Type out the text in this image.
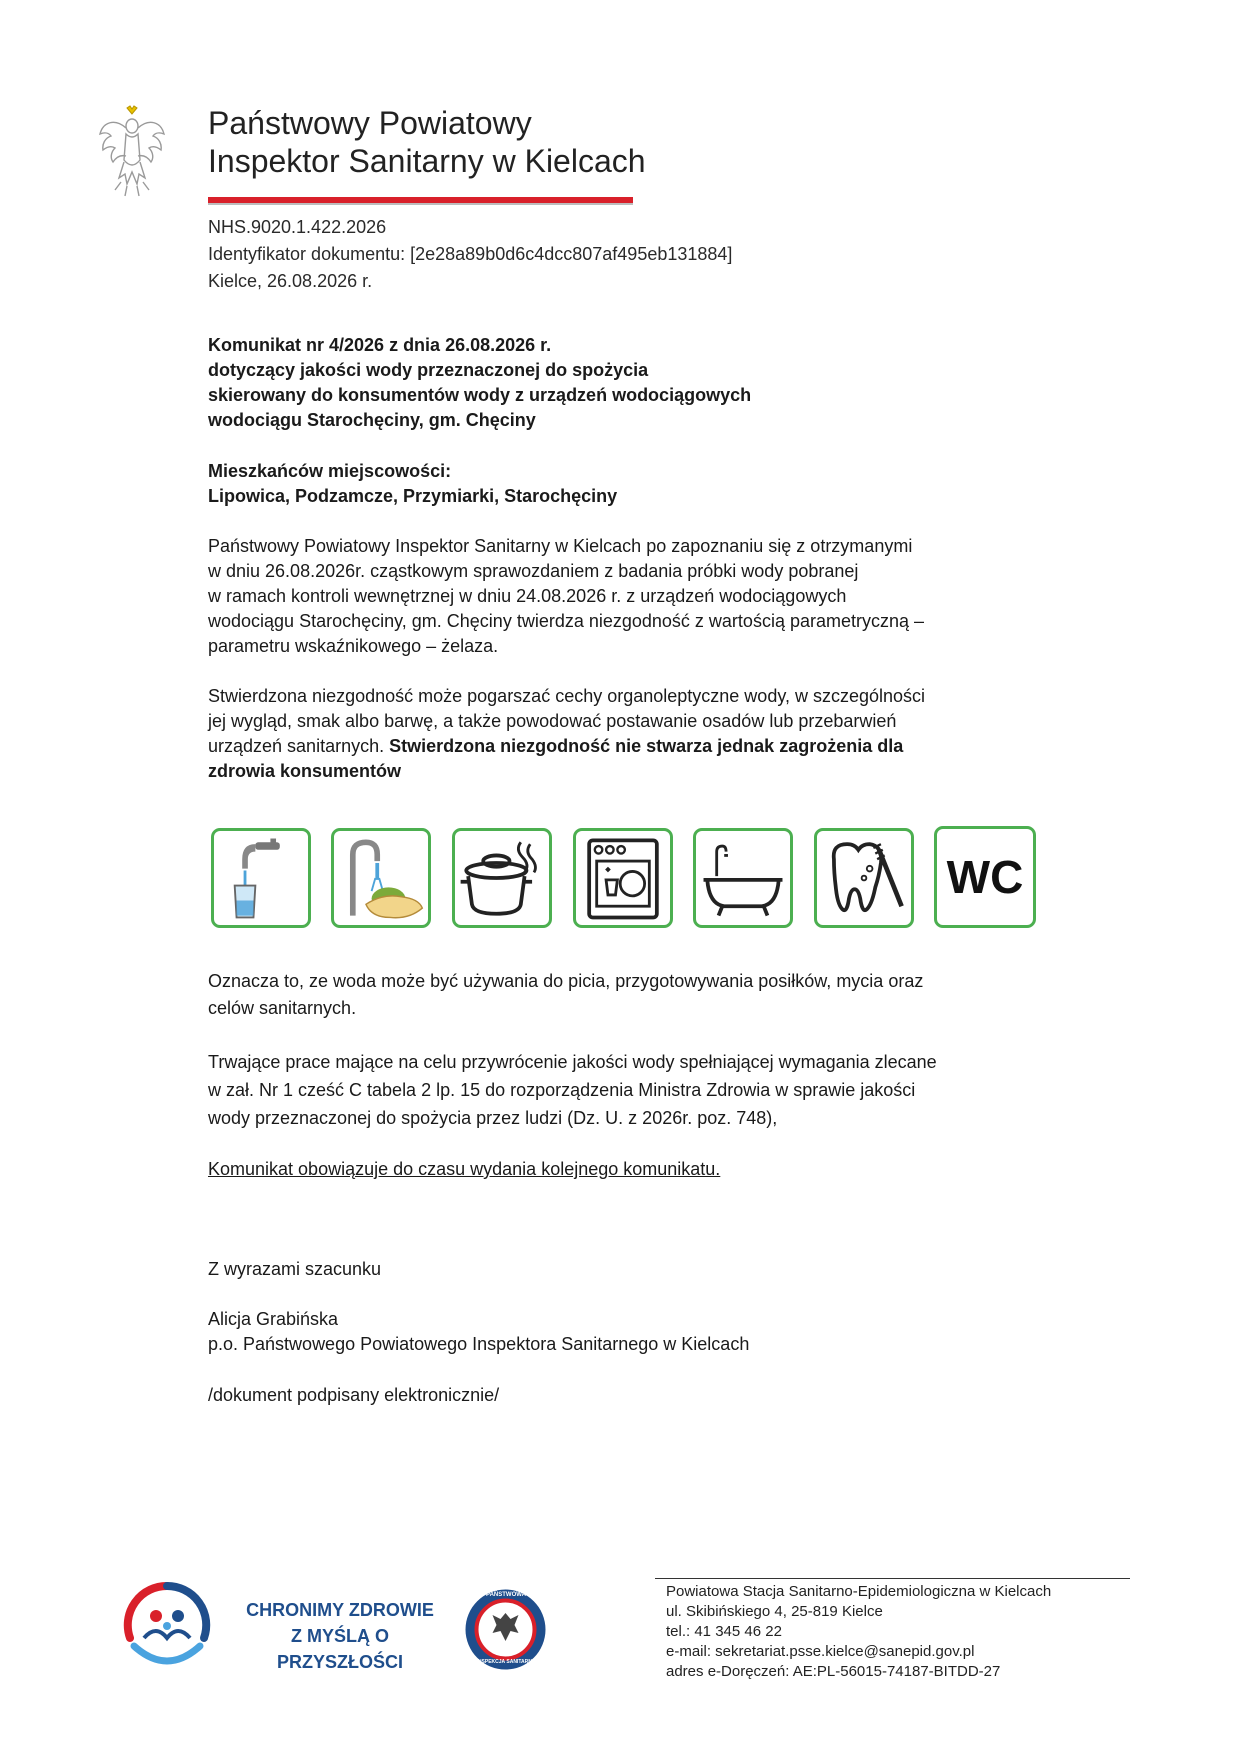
Państwowy Powiatowy
Inspektor Sanitarny w Kielcach
NHS.9020.1.422.2026
Identyfikator dokumentu: [2e28a89b0d6c4dcc807af495eb131884]
Kielce, 26.08.2026 r.
Komunikat nr 4/2026 z dnia 26.08.2026 r.
dotyczący jakości wody przeznaczonej do spożycia
skierowany do konsumentów wody z urządzeń wodociągowych
wodociągu Starochęciny, gm. Chęciny
Mieszkańców miejscowości:
Lipowica, Podzamcze, Przymiarki, Starochęciny
Państwowy Powiatowy Inspektor Sanitarny w Kielcach po zapoznaniu się z otrzymanymi
w dniu 26.08.2026r. cząstkowym sprawozdaniem z badania próbki wody pobranej
w ramach kontroli wewnętrznej w dniu 24.08.2026 r. z urządzeń wodociągowych
wodociągu Starochęciny, gm. Chęciny twierdza niezgodność z wartością parametryczną –
parametru wskaźnikowego – żelaza.
Stwierdzona niezgodność może pogarszać cechy organoleptyczne wody, w szczególności
jej wygląd, smak albo barwę, a także powodować postawanie osadów lub przebarwień
urządzeń sanitarnych. Stwierdzona niezgodność nie stwarza jednak zagrożenia dla
zdrowia konsumentów
WC
Oznacza to, ze woda może być używania do picia, przygotowywania posiłków, mycia oraz
celów sanitarnych.
Trwające prace mające na celu przywrócenie jakości wody spełniającej wymagania zlecane
w zał. Nr 1 cześć C tabela 2 lp. 15 do rozporządzenia Ministra Zdrowia w sprawie jakości
wody przeznaczonej do spożycia przez ludzi (Dz. U. z 2026r. poz. 748),
Komunikat obowiązuje do czasu wydania kolejnego komunikatu.
Z wyrazami szacunku
Alicja Grabińska
p.o. Państwowego Powiatowego Inspektora Sanitarnego w Kielcach
/dokument podpisany elektronicznie/
CHRONIMY ZDROWIE
Z MYŚLĄ O PRZYSZŁOŚCI
PAŃSTWOWA
INSPEKCJA SANITARNA
Powiatowa Stacja Sanitarno-Epidemiologiczna w Kielcach
ul. Skibińskiego 4, 25-819 Kielce
tel.: 41 345 46 22
e-mail: sekretariat.psse.kielce@sanepid.gov.pl
adres e-Doręczeń: AE:PL-56015-74187-BITDD-27
